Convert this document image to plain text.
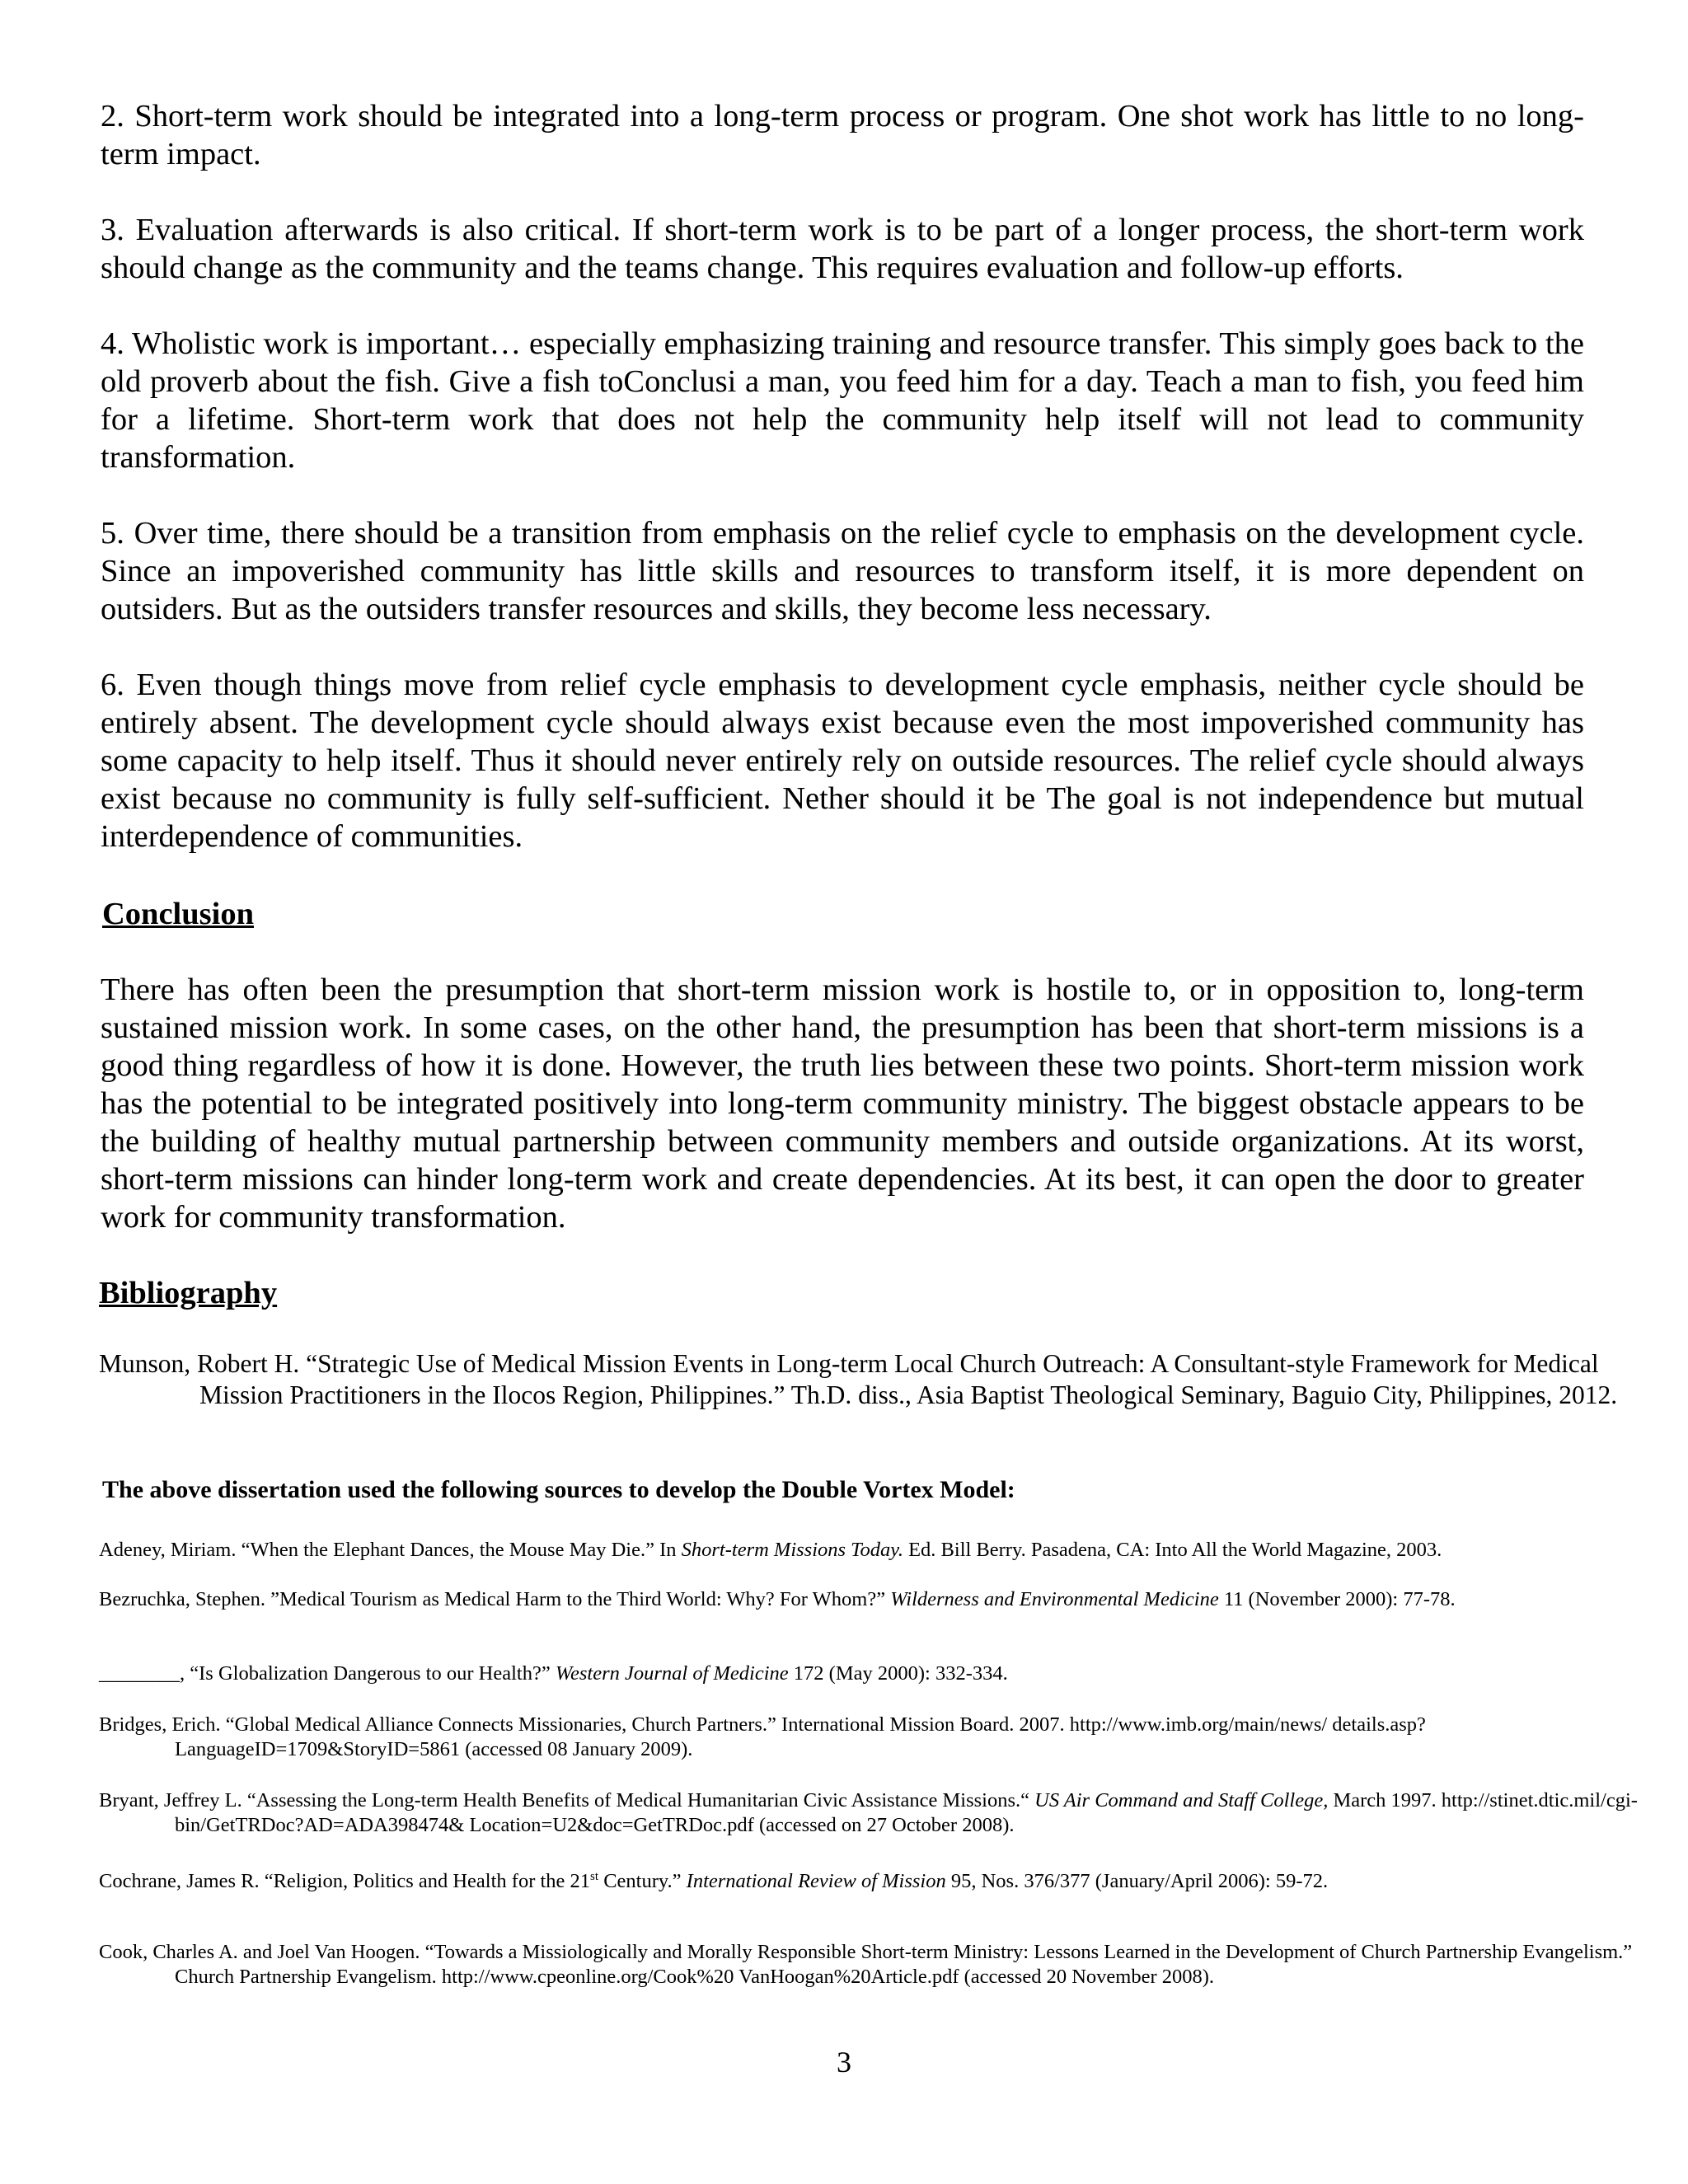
2. Short-term work should be integrated into a long-term process or program. One shot work has little to no long-term impact.

3. Evaluation afterwards is also critical. If short-term work is to be part of a longer process, the short-term work should change as the community and the teams change. This requires evaluation and follow-up efforts.

4. Wholistic work is important… especially emphasizing training and resource transfer. This simply goes back to the old proverb about the fish. Give a fish toConclusi a man, you feed him for a day. Teach a man to fish, you feed him for a lifetime. Short-term work that does not help the community help itself will not lead to community transformation.

5. Over time, there should be a transition from emphasis on the relief cycle to emphasis on the development cycle. Since an impoverished community has little skills and resources to transform itself, it is more dependent on outsiders. But as the outsiders transfer resources and skills, they become less necessary.

6. Even though things move from relief cycle emphasis to development cycle emphasis, neither cycle should be entirely absent. The development cycle should always exist because even the most impoverished community has some capacity to help itself. Thus it should never entirely rely on outside resources. The relief cycle should always exist because no community is fully self-sufficient. Nether should it be The goal is not independence but mutual interdependence of communities.

Conclusion

There has often been the presumption that short-term mission work is hostile to, or in opposition to, long-term sustained mission work. In some cases, on the other hand, the presumption has been that short-term missions is a good thing regardless of how it is done. However, the truth lies between these two points. Short-term mission work has the potential to be integrated positively into long-term community ministry. The biggest obstacle appears to be the building of healthy mutual partnership between community members and outside organizations. At its worst, short-term missions can hinder long-term work and create dependencies. At its best, it can open the door to greater work for community transformation.

Bibliography

Munson, Robert H. “Strategic Use of Medical Mission Events in Long-term Local Church Outreach: A Consultant-style Framework for Medical Mission Practitioners in the Ilocos Region, Philippines.” Th.D. diss., Asia Baptist Theological Seminary, Baguio City, Philippines, 2012.

The above dissertation used the following sources to develop the Double Vortex Model:

Adeney, Miriam. “When the Elephant Dances, the Mouse May Die.” In Short-term Missions Today. Ed. Bill Berry. Pasadena, CA: Into All the World Magazine, 2003.

Bezruchka, Stephen. ”Medical Tourism as Medical Harm to the Third World: Why? For Whom?” Wilderness and Environmental Medicine 11 (November 2000): 77-78.

________, “Is Globalization Dangerous to our Health?” Western Journal of Medicine 172 (May 2000): 332-334.

Bridges, Erich. “Global Medical Alliance Connects Missionaries, Church Partners.” International Mission Board. 2007. http://www.imb.org/main/news/ details.asp?LanguageID=1709&StoryID=5861 (accessed 08 January 2009).

Bryant, Jeffrey L. “Assessing the Long-term Health Benefits of Medical Humanitarian Civic Assistance Missions.“ US Air Command and Staff College, March 1997. http://stinet.dtic.mil/cgi-bin/GetTRDoc?AD=ADA398474& Location=U2&doc=GetTRDoc.pdf (accessed on 27 October 2008).

Cochrane, James R. “Religion, Politics and Health for the 21st Century.” International Review of Mission 95, Nos. 376/377 (January/April 2006): 59-72.

Cook, Charles A. and Joel Van Hoogen. “Towards a Missiologically and Morally Responsible Short-term Ministry: Lessons Learned in the Development of Church Partnership Evangelism.” Church Partnership Evangelism. http://www.cpeonline.org/Cook%20 VanHoogan%20Article.pdf (accessed 20 November 2008).

3
